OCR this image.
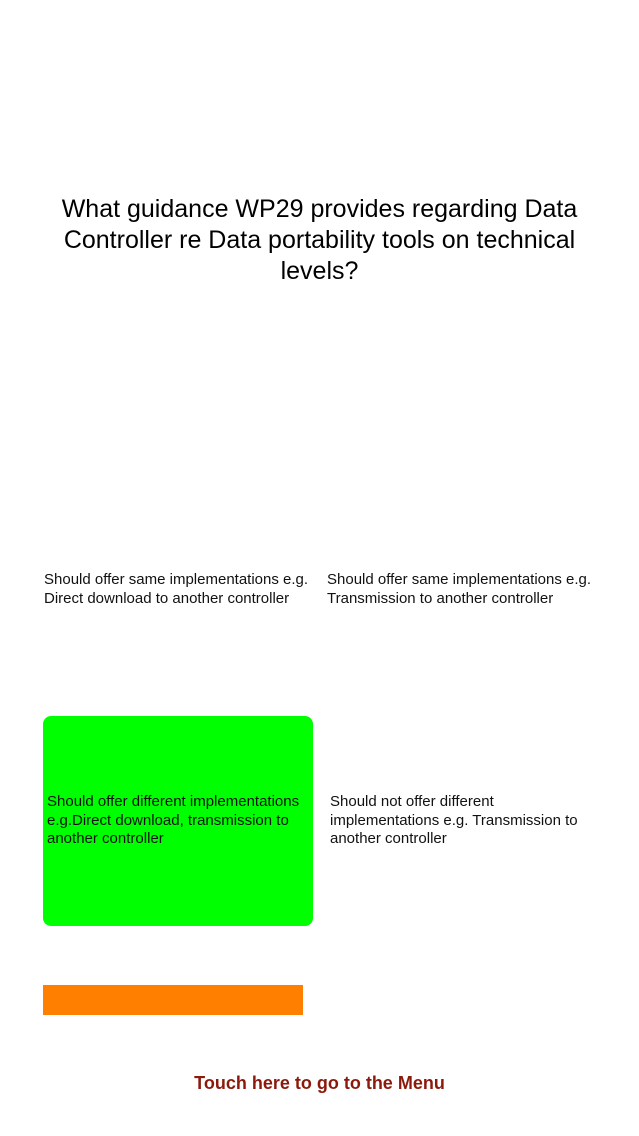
What guidance WP29 provides regarding Data Controller re Data portability tools on technical levels?
Should offer same implementations e.g. Direct download to another controller
Should offer same implementations e.g. Transmission to another controller
Should offer different implementations e.g.Direct download, transmission to another controller
Should not offer different implementations e.g. Transmission to another controller
Touch here to go to the Menu
